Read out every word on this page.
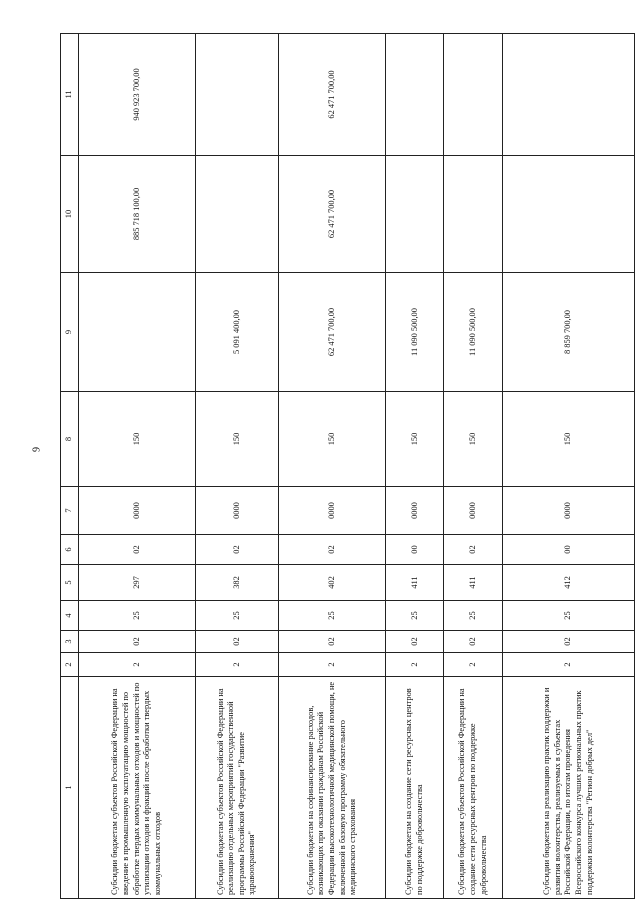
9
1	2	3	4	5	6	7	8	9	10	11
Субсидии бюджетам субъектов Российской Федерации на введение в промышленную эксплуатацию мощностей по обработке твердых коммунальных отходов и мощностей по утилизации отходов и фракций после обработки твердых коммунальных отходов	2	02	25	297	02	0000	150		885 718 100,00	940 923 700,00
Субсидии бюджетам субъектов Российской Федерации на реализацию отдельных мероприятий государственной программы Российской Федерации "Развитие здравоохранения"	2	02	25	382	02	0000	150	5 091 400,00		
Субсидии бюджетам на софинансирование расходов, возникающих при оказании гражданам Российской Федерации высокотехнологичной медицинской помощи, не включенной в базовую программу обязательного медицинского страхования	2	02	25	402	02	0000	150	62 471 700,00	62 471 700,00	62 471 700,00
Субсидии бюджетам на создание сети ресурсных центров по поддержке добровольчества	2	02	25	411	00	0000	150	11 090 500,00		
Субсидии бюджетам субъектов Российской Федерации на создание сети ресурсных центров по поддержке добровольчества	2	02	25	411	02	0000	150	11 090 500,00		
Субсидии бюджетам на реализацию практик поддержки и развития волонтерства, реализуемых в субъектах Российской Федерации, по итогам проведения Всероссийского конкурса лучших региональных практик поддержки волонтерства "Регион добрых дел"	2	02	25	412	00	0000	150	8 859 700,00		
